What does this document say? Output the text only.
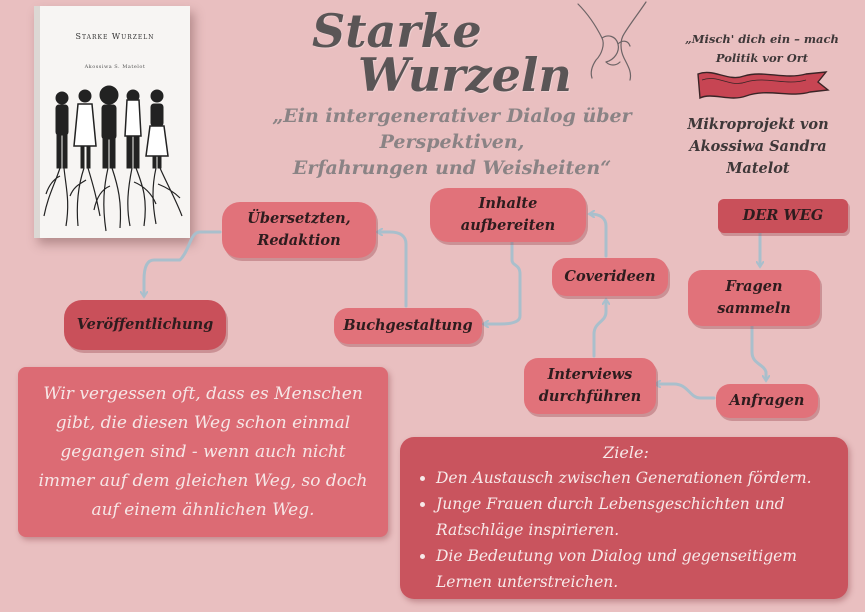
Starke Wurzeln
Akossiwa S. Matelot
Starke
Wurzeln
„Ein intergenerativer Dialog über Perspektiven,
Erfahrungen und Weisheiten“
„Misch' dich ein – mach
Politik vor Ort
Mikroprojekt von
Akossiwa Sandra
Matelot
DER WEG
Fragen
sammeln
Anfragen
Interviews
durchführen
Coverideen
Inhalte
aufbereiten
Buchgestaltung
Übersetzten,
Redaktion
Veröffentlichung
Wir vergessen oft, dass es Menschen
gibt, die diesen Weg schon einmal
gegangen sind - wenn auch nicht
immer auf dem gleichen Weg, so doch
auf einem ähnlichen Weg.
Ziele:
• Den Austausch zwischen Generationen fördern.
• Junge Frauen durch Lebensgeschichten und
Ratschläge inspirieren.
• Die Bedeutung von Dialog und gegenseitigem
Lernen unterstreichen.
